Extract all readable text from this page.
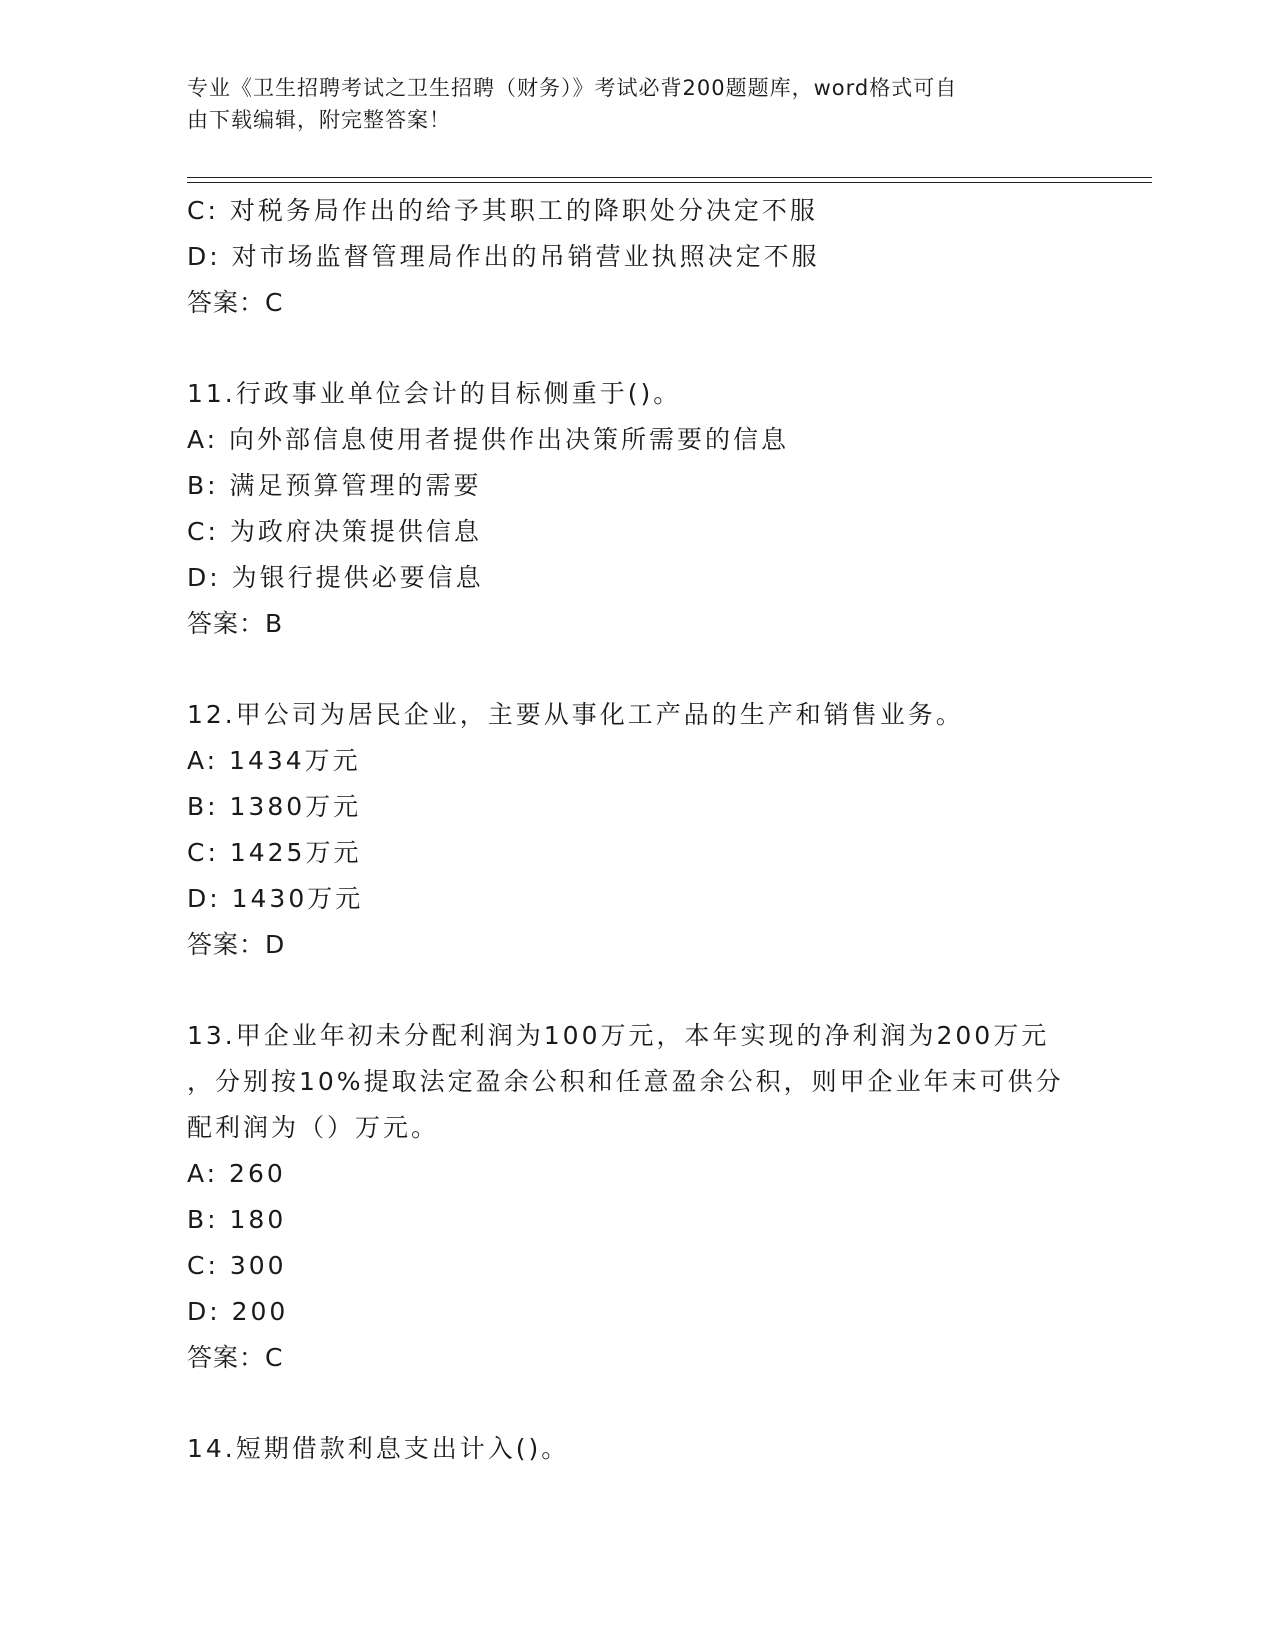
专业《卫生招聘考试之卫生招聘（财务）》考试必背200题题库，word格式可自
由下载编辑，附完整答案！
C: 对税务局作出的给予其职工的降职处分决定不服
D: 对市场监督管理局作出的吊销营业执照决定不服
答案：C
11.行政事业单位会计的目标侧重于()。
A: 向外部信息使用者提供作出决策所需要的信息
B: 满足预算管理的需要
C: 为政府决策提供信息
D: 为银行提供必要信息
答案：B
12.甲公司为居民企业，主要从事化工产品的生产和销售业务。
A: 1434万元
B: 1380万元
C: 1425万元
D: 1430万元
答案：D
13.甲企业年初未分配利润为100万元，本年实现的净利润为200万元
，分别按10%提取法定盈余公积和任意盈余公积，则甲企业年末可供分
配利润为（）万元。
A: 260
B: 180
C: 300
D: 200
答案：C
14.短期借款利息支出计入()。
